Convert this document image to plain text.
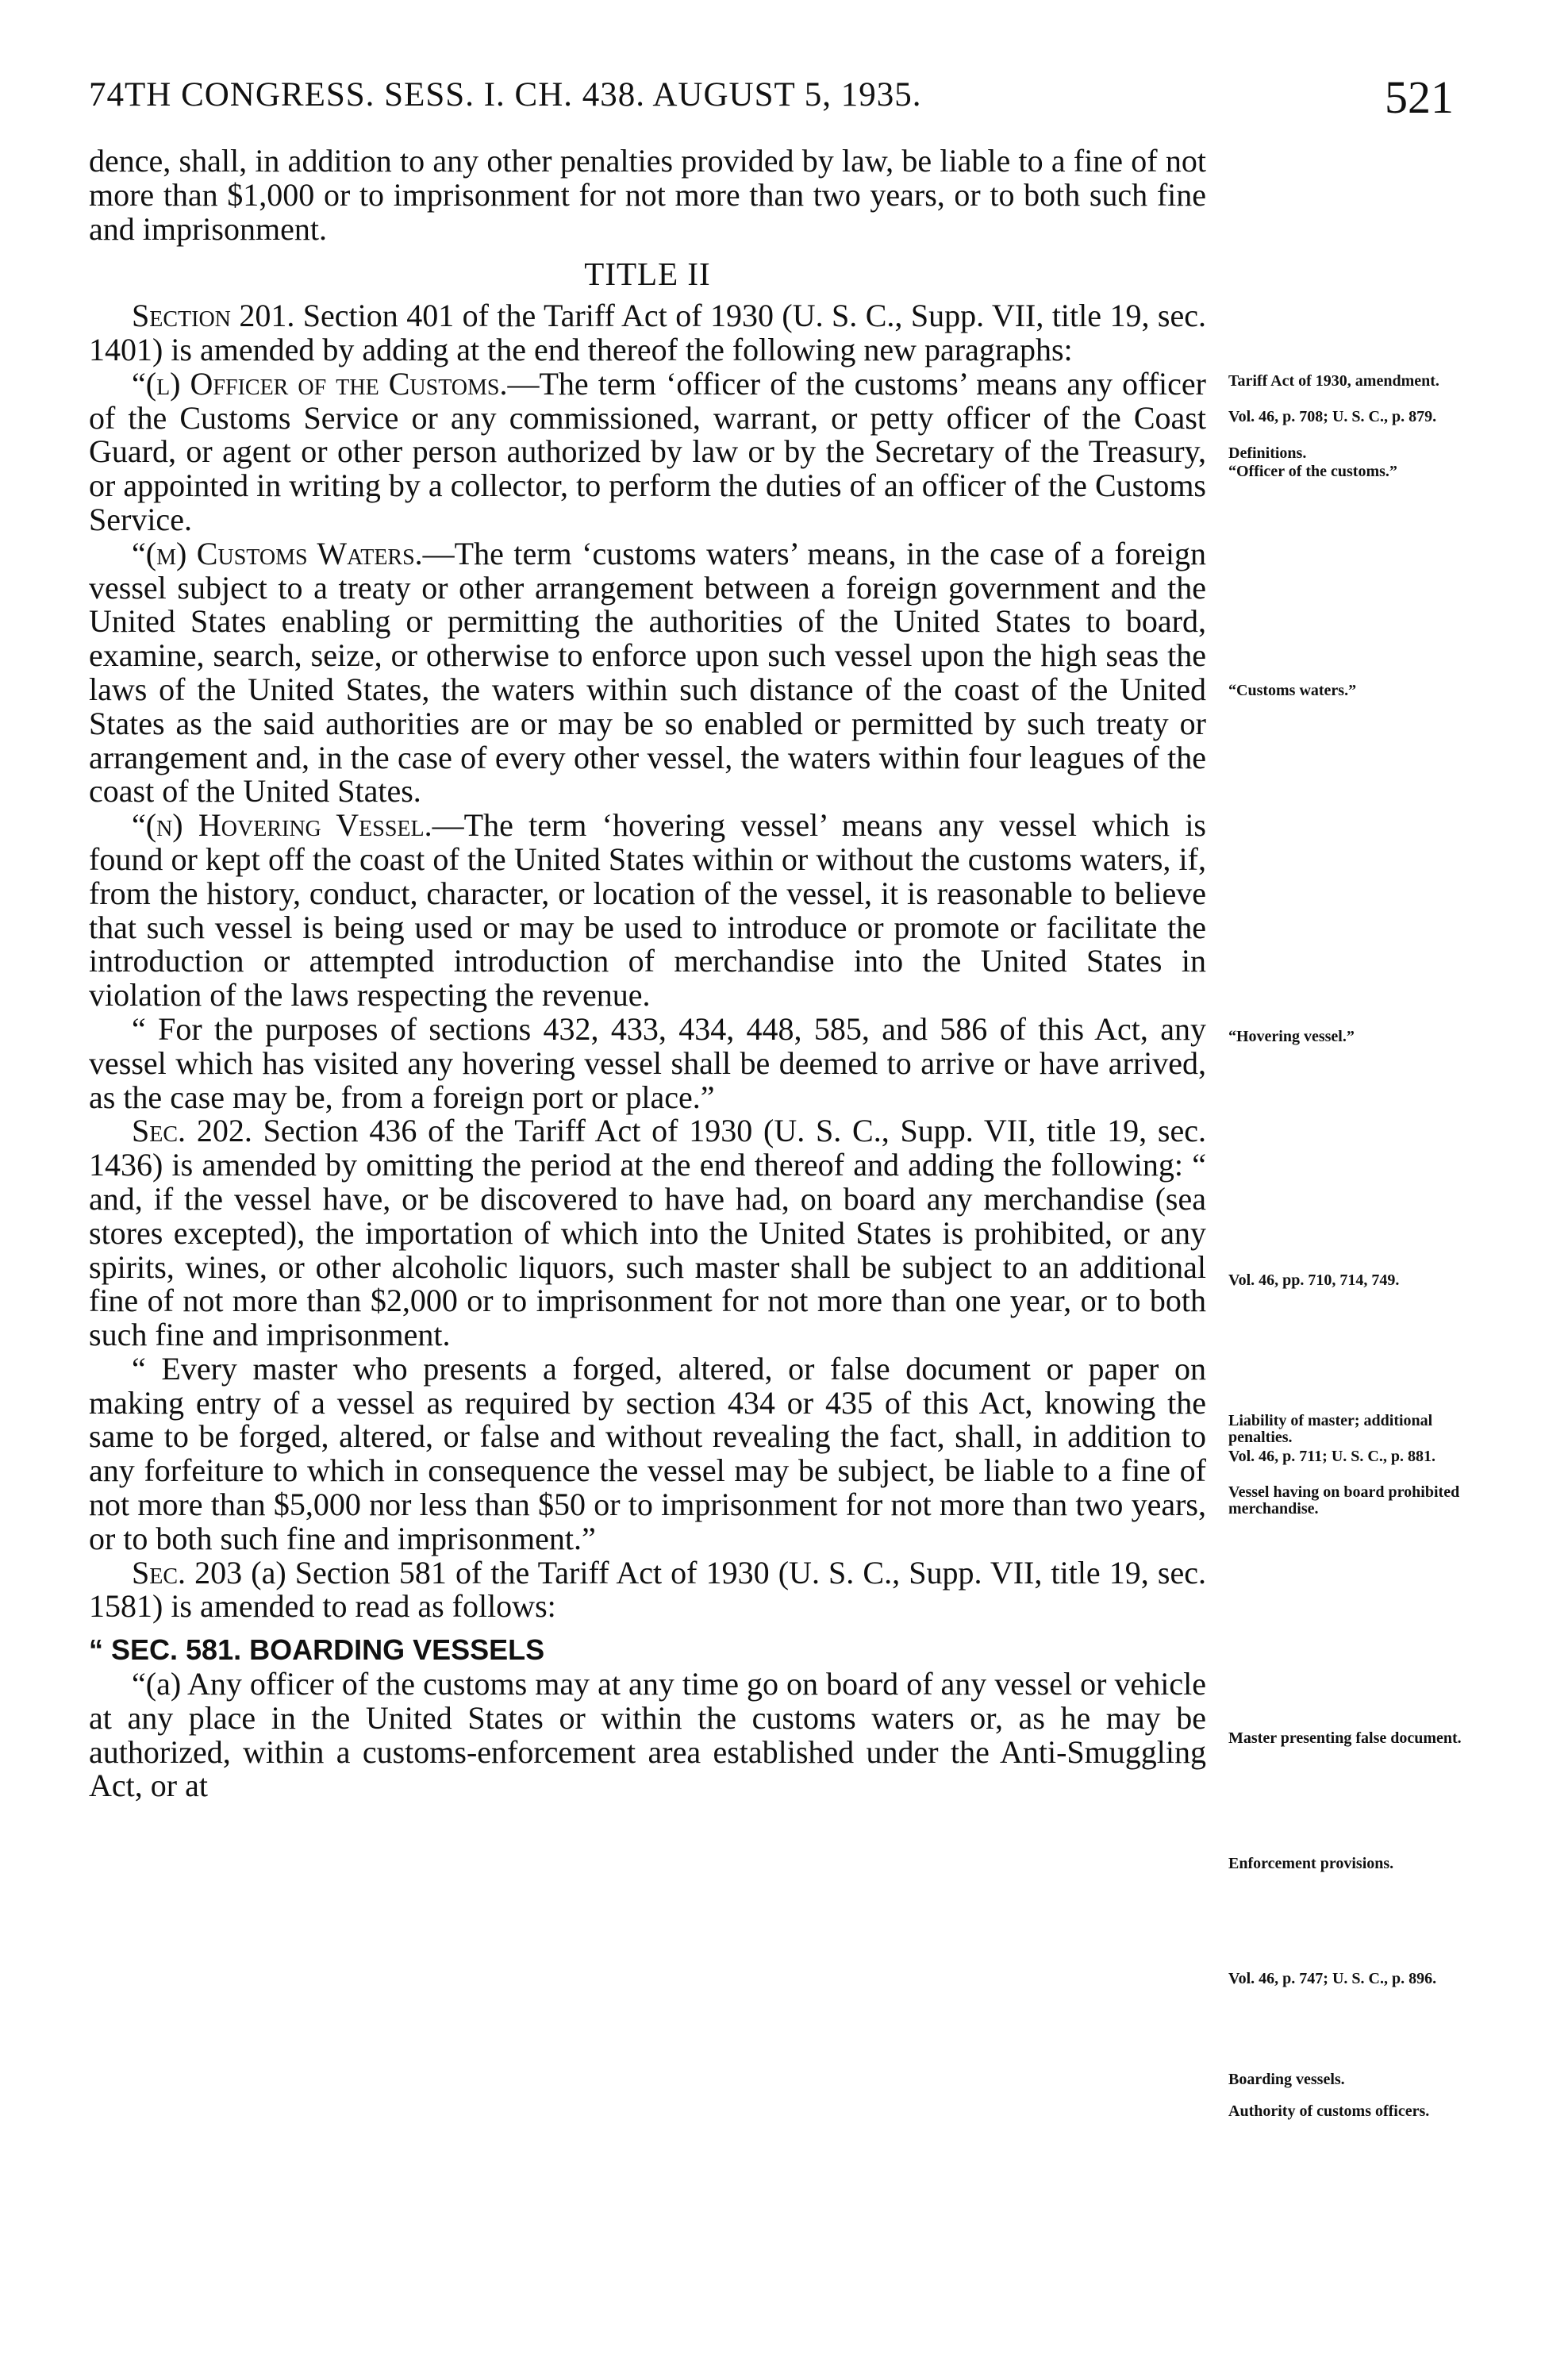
74TH CONGRESS. SESS. I. CH. 438. AUGUST 5, 1935.	521

dence, shall, in addition to any other penalties provided by law, be liable to a fine of not more than $1,000 or to imprisonment for not more than two years, or to both such fine and imprisonment.

TITLE II

Section 201. Section 401 of the Tariff Act of 1930 (U. S. C., Supp. VII, title 19, sec. 1401) is amended by adding at the end thereof the following new paragraphs:

“(l) Officer of the Customs.—The term ‘officer of the customs’ means any officer of the Customs Service or any commissioned, warrant, or petty officer of the Coast Guard, or agent or other person authorized by law or by the Secretary of the Treasury, or appointed in writing by a collector, to perform the duties of an officer of the Customs Service.

“(m) Customs Waters.—The term ‘customs waters’ means, in the case of a foreign vessel subject to a treaty or other arrangement between a foreign government and the United States enabling or permitting the authorities of the United States to board, examine, search, seize, or otherwise to enforce upon such vessel upon the high seas the laws of the United States, the waters within such distance of the coast of the United States as the said authorities are or may be so enabled or permitted by such treaty or arrangement and, in the case of every other vessel, the waters within four leagues of the coast of the United States.

“(n) Hovering Vessel.—The term ‘hovering vessel’ means any vessel which is found or kept off the coast of the United States within or without the customs waters, if, from the history, conduct, character, or location of the vessel, it is reasonable to believe that such vessel is being used or may be used to introduce or promote or facilitate the introduction or attempted introduction of merchandise into the United States in violation of the laws respecting the revenue.

“ For the purposes of sections 432, 433, 434, 448, 585, and 586 of this Act, any vessel which has visited any hovering vessel shall be deemed to arrive or have arrived, as the case may be, from a foreign port or place.”

Sec. 202. Section 436 of the Tariff Act of 1930 (U. S. C., Supp. VII, title 19, sec. 1436) is amended by omitting the period at the end thereof and adding the following: “ and, if the vessel have, or be discovered to have had, on board any merchandise (sea stores excepted), the importation of which into the United States is prohibited, or any spirits, wines, or other alcoholic liquors, such master shall be subject to an additional fine of not more than $2,000 or to imprisonment for not more than one year, or to both such fine and imprisonment.

“ Every master who presents a forged, altered, or false document or paper on making entry of a vessel as required by section 434 or 435 of this Act, knowing the same to be forged, altered, or false and without revealing the fact, shall, in addition to any forfeiture to which in consequence the vessel may be subject, be liable to a fine of not more than $5,000 nor less than $50 or to imprisonment for not more than two years, or to both such fine and imprisonment.”

Sec. 203 (a) Section 581 of the Tariff Act of 1930 (U. S. C., Supp. VII, title 19, sec. 1581) is amended to read as follows:

“ SEC. 581. BOARDING VESSELS

“(a) Any officer of the customs may at any time go on board of any vessel or vehicle at any place in the United States or within the customs waters or, as he may be authorized, within a customs-enforcement area established under the Anti-Smuggling Act, or at

Tariff Act of 1930, amendment.
Vol. 46, p. 708; U. S. C., p. 879.
Definitions.
“Officer of the customs.”
“Customs waters.”
“Hovering vessel.”
Vol. 46, pp. 710, 714, 749.
Liability of master; additional penalties.
Vol. 46, p. 711; U. S. C., p. 881.
Vessel having on board prohibited merchandise.
Master presenting false document.
Enforcement provisions.
Vol. 46, p. 747; U. S. C., p. 896.
Boarding vessels.
Authority of customs officers.
